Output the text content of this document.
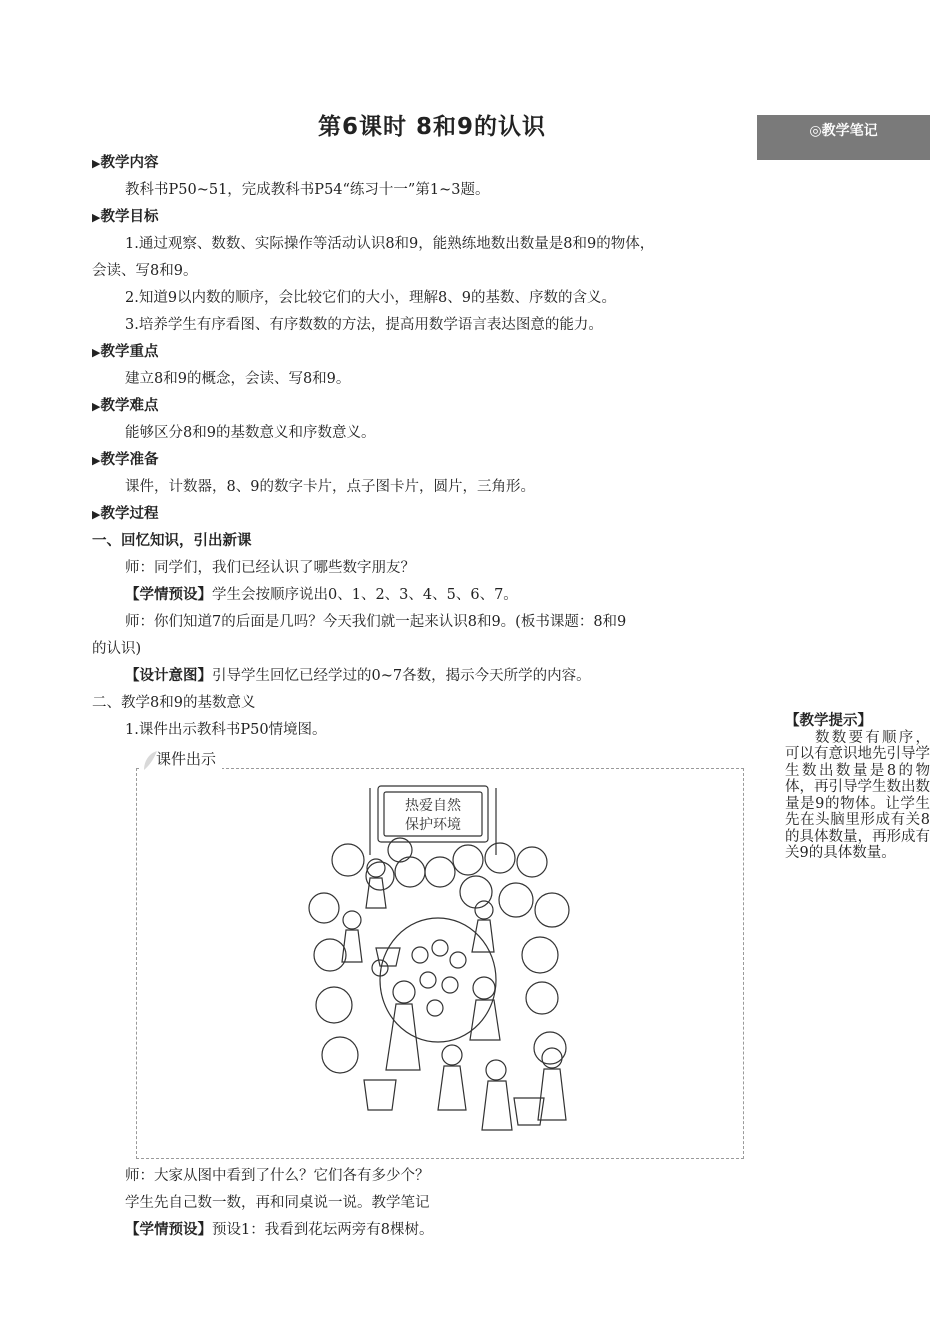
第6课时 8和9的认识	◎教学笔记

▶教学内容

教科书P50~51，完成教科书P54“练习十一”第1~3题。

▶教学目标

1.通过观察、数数、实际操作等活动认识8和9，能熟练地数出数量是8和9的物体，

会读、写8和9。

2.知道9以内数的顺序，会比较它们的大小，理解8、9的基数、序数的含义。

3.培养学生有序看图、有序数数的方法，提高用数学语言表达图意的能力。

▶教学重点

建立8和9的概念，会读、写8和9。

▶教学难点

能够区分8和9的基数意义和序数意义。

▶教学准备

课件，计数器，8、9的数字卡片，点子图卡片，圆片，三角形。

▶教学过程

一、回忆知识，引出新课

师：同学们，我们已经认识了哪些数字朋友？

【学情预设】学生会按顺序说出0、1、2、3、4、5、6、7。

师：你们知道7的后面是几吗？今天我们就一起来认识8和9。(板书课题：8和9

的认识)

【设计意图】引导学生回忆已经学过的0~7各数，揭示今天所学的内容。

二、教学8和9的基数意义

1.课件出示教科书P50情境图。

课件出示
热爱自然
保护环境
【教学提示】
数数要有顺序，可以有意识地先引导学生数出数量是8的物体，再引导学生数出数量是9的物体。让学生先在头脑里形成有关8的具体数量，再形成有关9的具体数量。

师：大家从图中看到了什么？它们各有多少个？

学生先自己数一数，再和同桌说一说。教学笔记

【学情预设】预设1：我看到花坛两旁有8棵树。
